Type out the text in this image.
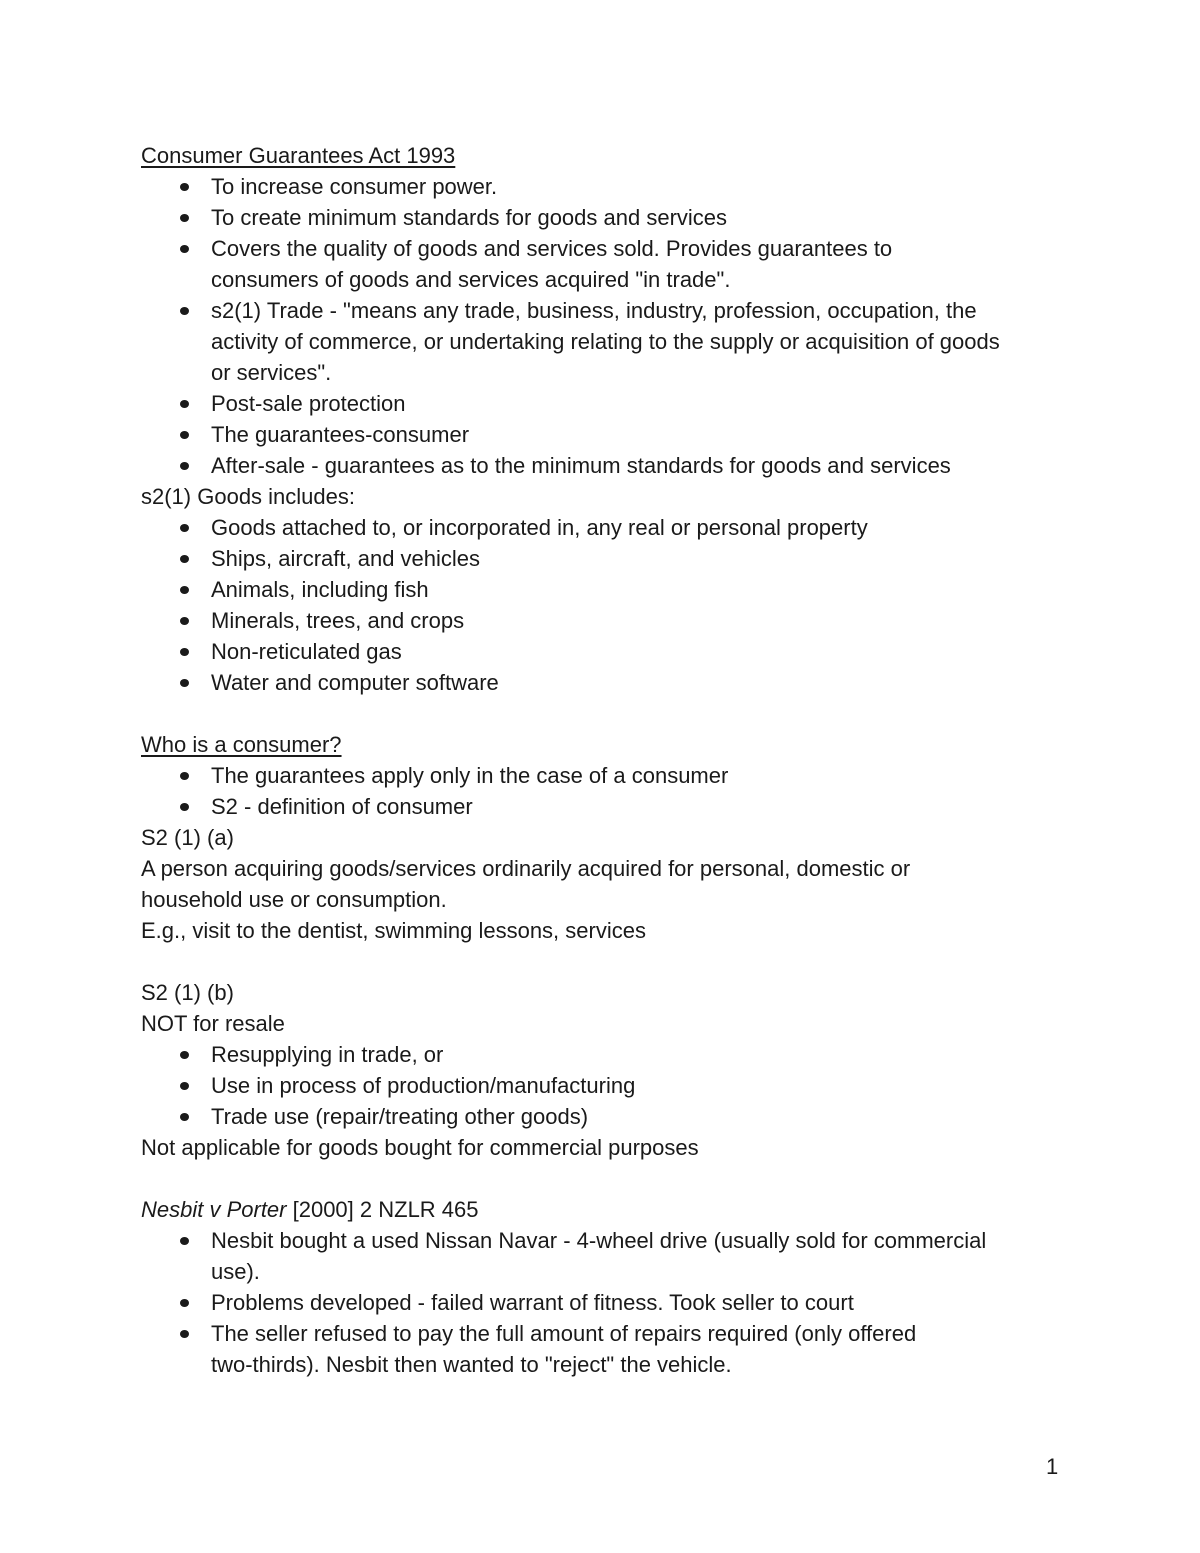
Consumer Guarantees Act 1993
To increase consumer power.
To create minimum standards for goods and services
Covers the quality of goods and services sold. Provides guarantees to
consumers of goods and services acquired "in trade".
s2(1) Trade - "means any trade, business, industry, profession, occupation, the
activity of commerce, or undertaking relating to the supply or acquisition of goods
or services".
Post-sale protection
The guarantees-consumer
After-sale - guarantees as to the minimum standards for goods and services
s2(1) Goods includes:
Goods attached to, or incorporated in, any real or personal property
Ships, aircraft, and vehicles
Animals, including fish
Minerals, trees, and crops
Non-reticulated gas
Water and computer software
Who is a consumer?
The guarantees apply only in the case of a consumer
S2 - definition of consumer
S2 (1) (a)
A person acquiring goods/services ordinarily acquired for personal, domestic or
household use or consumption.
E.g., visit to the dentist, swimming lessons, services
S2 (1) (b)
NOT for resale
Resupplying in trade, or
Use in process of production/manufacturing
Trade use (repair/treating other goods)
Not applicable for goods bought for commercial purposes
Nesbit v Porter [2000] 2 NZLR 465
Nesbit bought a used Nissan Navar - 4-wheel drive (usually sold for commercial
use).
Problems developed - failed warrant of fitness. Took seller to court
The seller refused to pay the full amount of repairs required (only offered
two-thirds). Nesbit then wanted to "reject" the vehicle.
1
